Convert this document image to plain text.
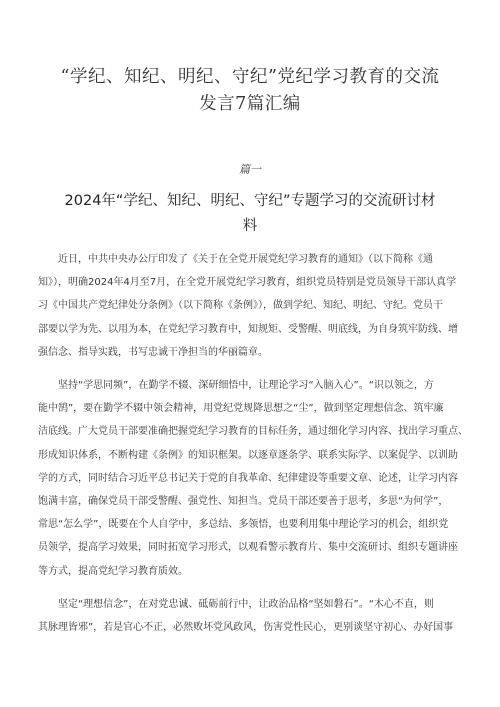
“学纪、知纪、明纪、守纪”党纪学习教育的交流
发言7篇汇编
篇一
2024年“学纪、知纪、明纪、守纪”专题学习的交流研讨材
料
近日，中共中央办公厅印发了《关于在全党开展党纪学习教育的通知》（以下简称《通
知》），明确2024年4月至7月，在全党开展党纪学习教育，组织党员特别是党员领导干部认真学
习《中国共产党纪律处分条例》（以下简称《条例》），做到学纪、知纪、明纪、守纪。党员干
部要以学为先、以用为本，在党纪学习教育中，知规矩、受警醒、明底线，为自身筑牢防线、增
强信念、指导实践，书写忠诚干净担当的华丽篇章。
坚持“学思同频”，在勤学不辍、深研细悟中，让理论学习“入脑入心”。“识以领之，方
能中鹄”，要在勤学不辍中领会精神，用党纪党规降思想之“尘”，做到坚定理想信念、筑牢廉
洁底线。广大党员干部要准确把握党纪学习教育的目标任务，通过细化学习内容、找出学习重点、
形成知识体系，不断构建《条例》的知识框架。以逐章逐条学、联系实际学、以案促学、以训助
学的方式，同时结合习近平总书记关于党的自我革命、纪律建设等重要文章、论述，让学习内容
饱满丰富，确保党员干部受警醒、强党性、知担当。党员干部还要善于思考，多思“为何学”，
常思“怎么学”，既要在个人自学中，多总结、多领悟，也要利用集中理论学习的机会，组织党
员领学，提高学习效果，同时拓宽学习形式，以观看警示教育片、集中交流研讨、组织专题讲座
等方式，提高党纪学习教育质效。
坚定“理想信念”，在对党忠诚、砥砺前行中，让政治品格“坚如磐石”。“木心不直，则
其脉理皆邪”，若是官心不正，必然败坏党风政风，伤害党性民心，更别谈坚守初心、办好国事
